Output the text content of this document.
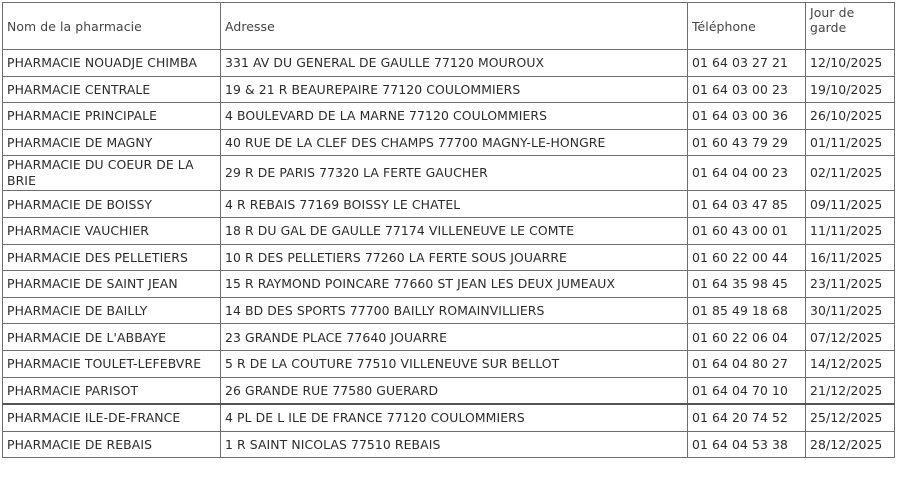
Nom de la pharmacie	Adresse	Téléphone	Jour de garde
PHARMACIE NOUADJE CHIMBA	331 AV DU GENERAL DE GAULLE 77120 MOUROUX	01 64 03 27 21	12/10/2025
PHARMACIE CENTRALE	19 & 21 R BEAUREPAIRE 77120 COULOMMIERS	01 64 03 00 23	19/10/2025
PHARMACIE PRINCIPALE	4 BOULEVARD DE LA MARNE 77120 COULOMMIERS	01 64 03 00 36	26/10/2025
PHARMACIE DE MAGNY	40 RUE DE LA CLEF DES CHAMPS 77700 MAGNY-LE-HONGRE	01 60 43 79 29	01/11/2025
PHARMACIE DU COEUR DE LA BRIE	29 R DE PARIS 77320 LA FERTE GAUCHER	01 64 04 00 23	02/11/2025
PHARMACIE DE BOISSY	4 R REBAIS 77169 BOISSY LE CHATEL	01 64 03 47 85	09/11/2025
PHARMACIE VAUCHIER	18 R DU GAL DE GAULLE 77174 VILLENEUVE LE COMTE	01 60 43 00 01	11/11/2025
PHARMACIE DES PELLETIERS	10 R DES PELLETIERS 77260 LA FERTE SOUS JOUARRE	01 60 22 00 44	16/11/2025
PHARMACIE DE SAINT JEAN	15 R RAYMOND POINCARE 77660 ST JEAN LES DEUX JUMEAUX	01 64 35 98 45	23/11/2025
PHARMACIE DE BAILLY	14 BD DES SPORTS 77700 BAILLY ROMAINVILLIERS	01 85 49 18 68	30/11/2025
PHARMACIE DE L'ABBAYE	23 GRANDE PLACE 77640 JOUARRE	01 60 22 06 04	07/12/2025
PHARMACIE TOULET-LEFEBVRE	5 R DE LA COUTURE 77510 VILLENEUVE SUR BELLOT	01 64 04 80 27	14/12/2025
PHARMACIE PARISOT	26 GRANDE RUE 77580 GUERARD	01 64 04 70 10	21/12/2025
PHARMACIE ILE-DE-FRANCE	4 PL DE L ILE DE FRANCE 77120 COULOMMIERS	01 64 20 74 52	25/12/2025
PHARMACIE DE REBAIS	1 R SAINT NICOLAS 77510 REBAIS	01 64 04 53 38	28/12/2025
